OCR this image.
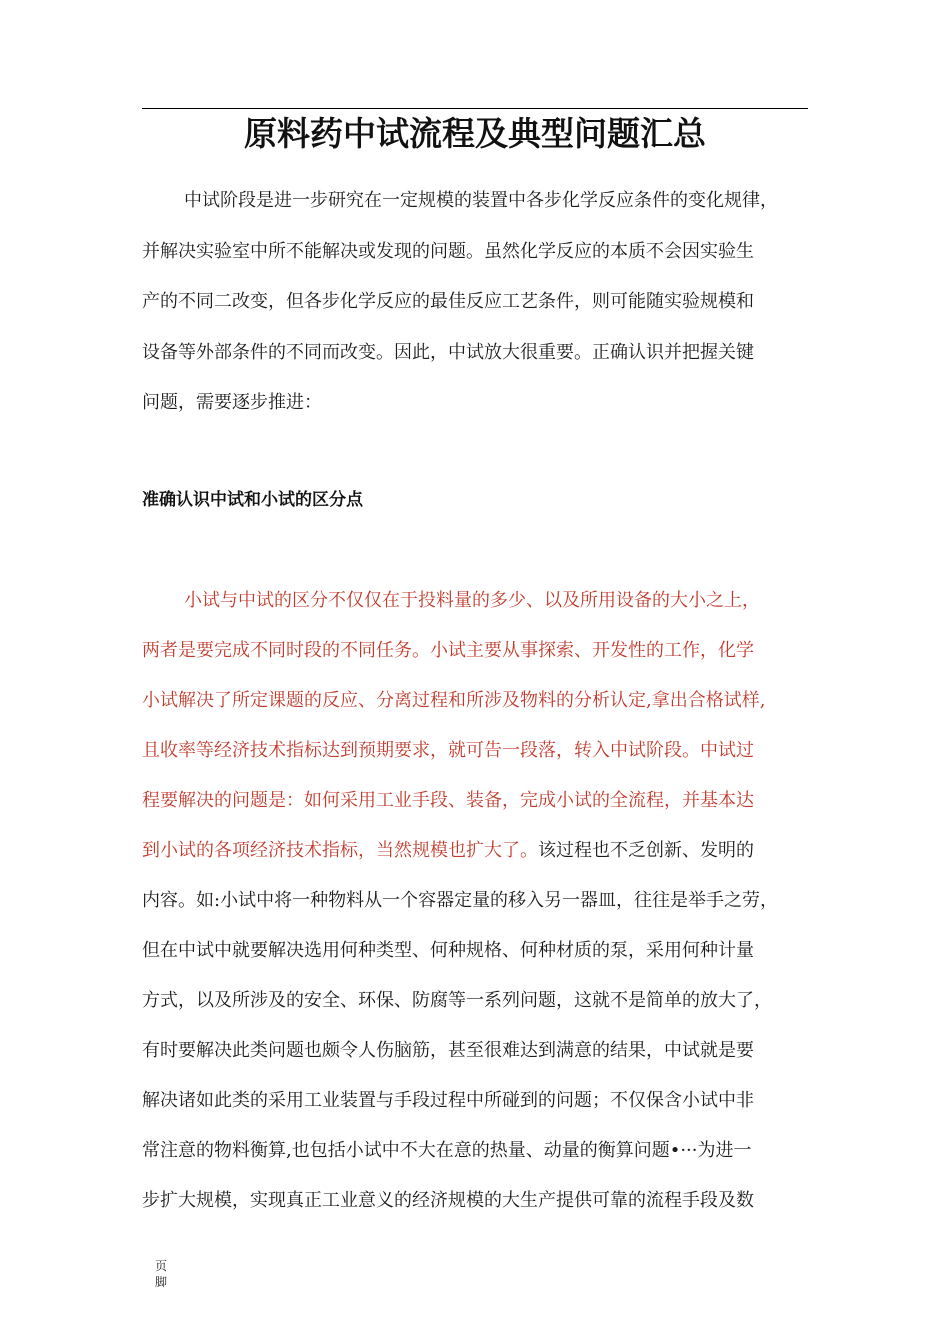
原料药中试流程及典型问题汇总

中试阶段是进一步研究在一定规模的装置中各步化学反应条件的变化规律，

并解决实验室中所不能解决或发现的问题。虽然化学反应的本质不会因实验生

产的不同二改变，但各步化学反应的最佳反应工艺条件，则可能随实验规模和

设备等外部条件的不同而改变。因此，中试放大很重要。正确认识并把握关键

问题，需要逐步推进：

准确认识中试和小试的区分点

小试与中试的区分不仅仅在于投料量的多少、以及所用设备的大小之上，

两者是要完成不同时段的不同任务。小试主要从事探索、开发性的工作，化学

小试解决了所定课题的反应、分离过程和所涉及物料的分析认定,拿出合格试样,

且收率等经济技术指标达到预期要求，就可告一段落，转入中试阶段。中试过

程要解决的问题是：如何采用工业手段、装备，完成小试的全流程，并基本达

到小试的各项经济技术指标，当然规模也扩大了。该过程也不乏创新、发明的

内容。如:小试中将一种物料从一个容器定量的移入另一器皿，往往是举手之劳，

但在中试中就要解决选用何种类型、何种规格、何种材质的泵，采用何种计量

方式，以及所涉及的安全、环保、防腐等一系列问题，这就不是简单的放大了，

有时要解决此类问题也颇令人伤脑筋，甚至很难达到满意的结果，中试就是要

解决诸如此类的采用工业装置与手段过程中所碰到的问题；不仅保含小试中非

常注意的物料衡算,也包括小试中不大在意的热量、动量的衡算问题•···为进一

步扩大规模，实现真正工业意义的经济规模的大生产提供可靠的流程手段及数

页
脚
